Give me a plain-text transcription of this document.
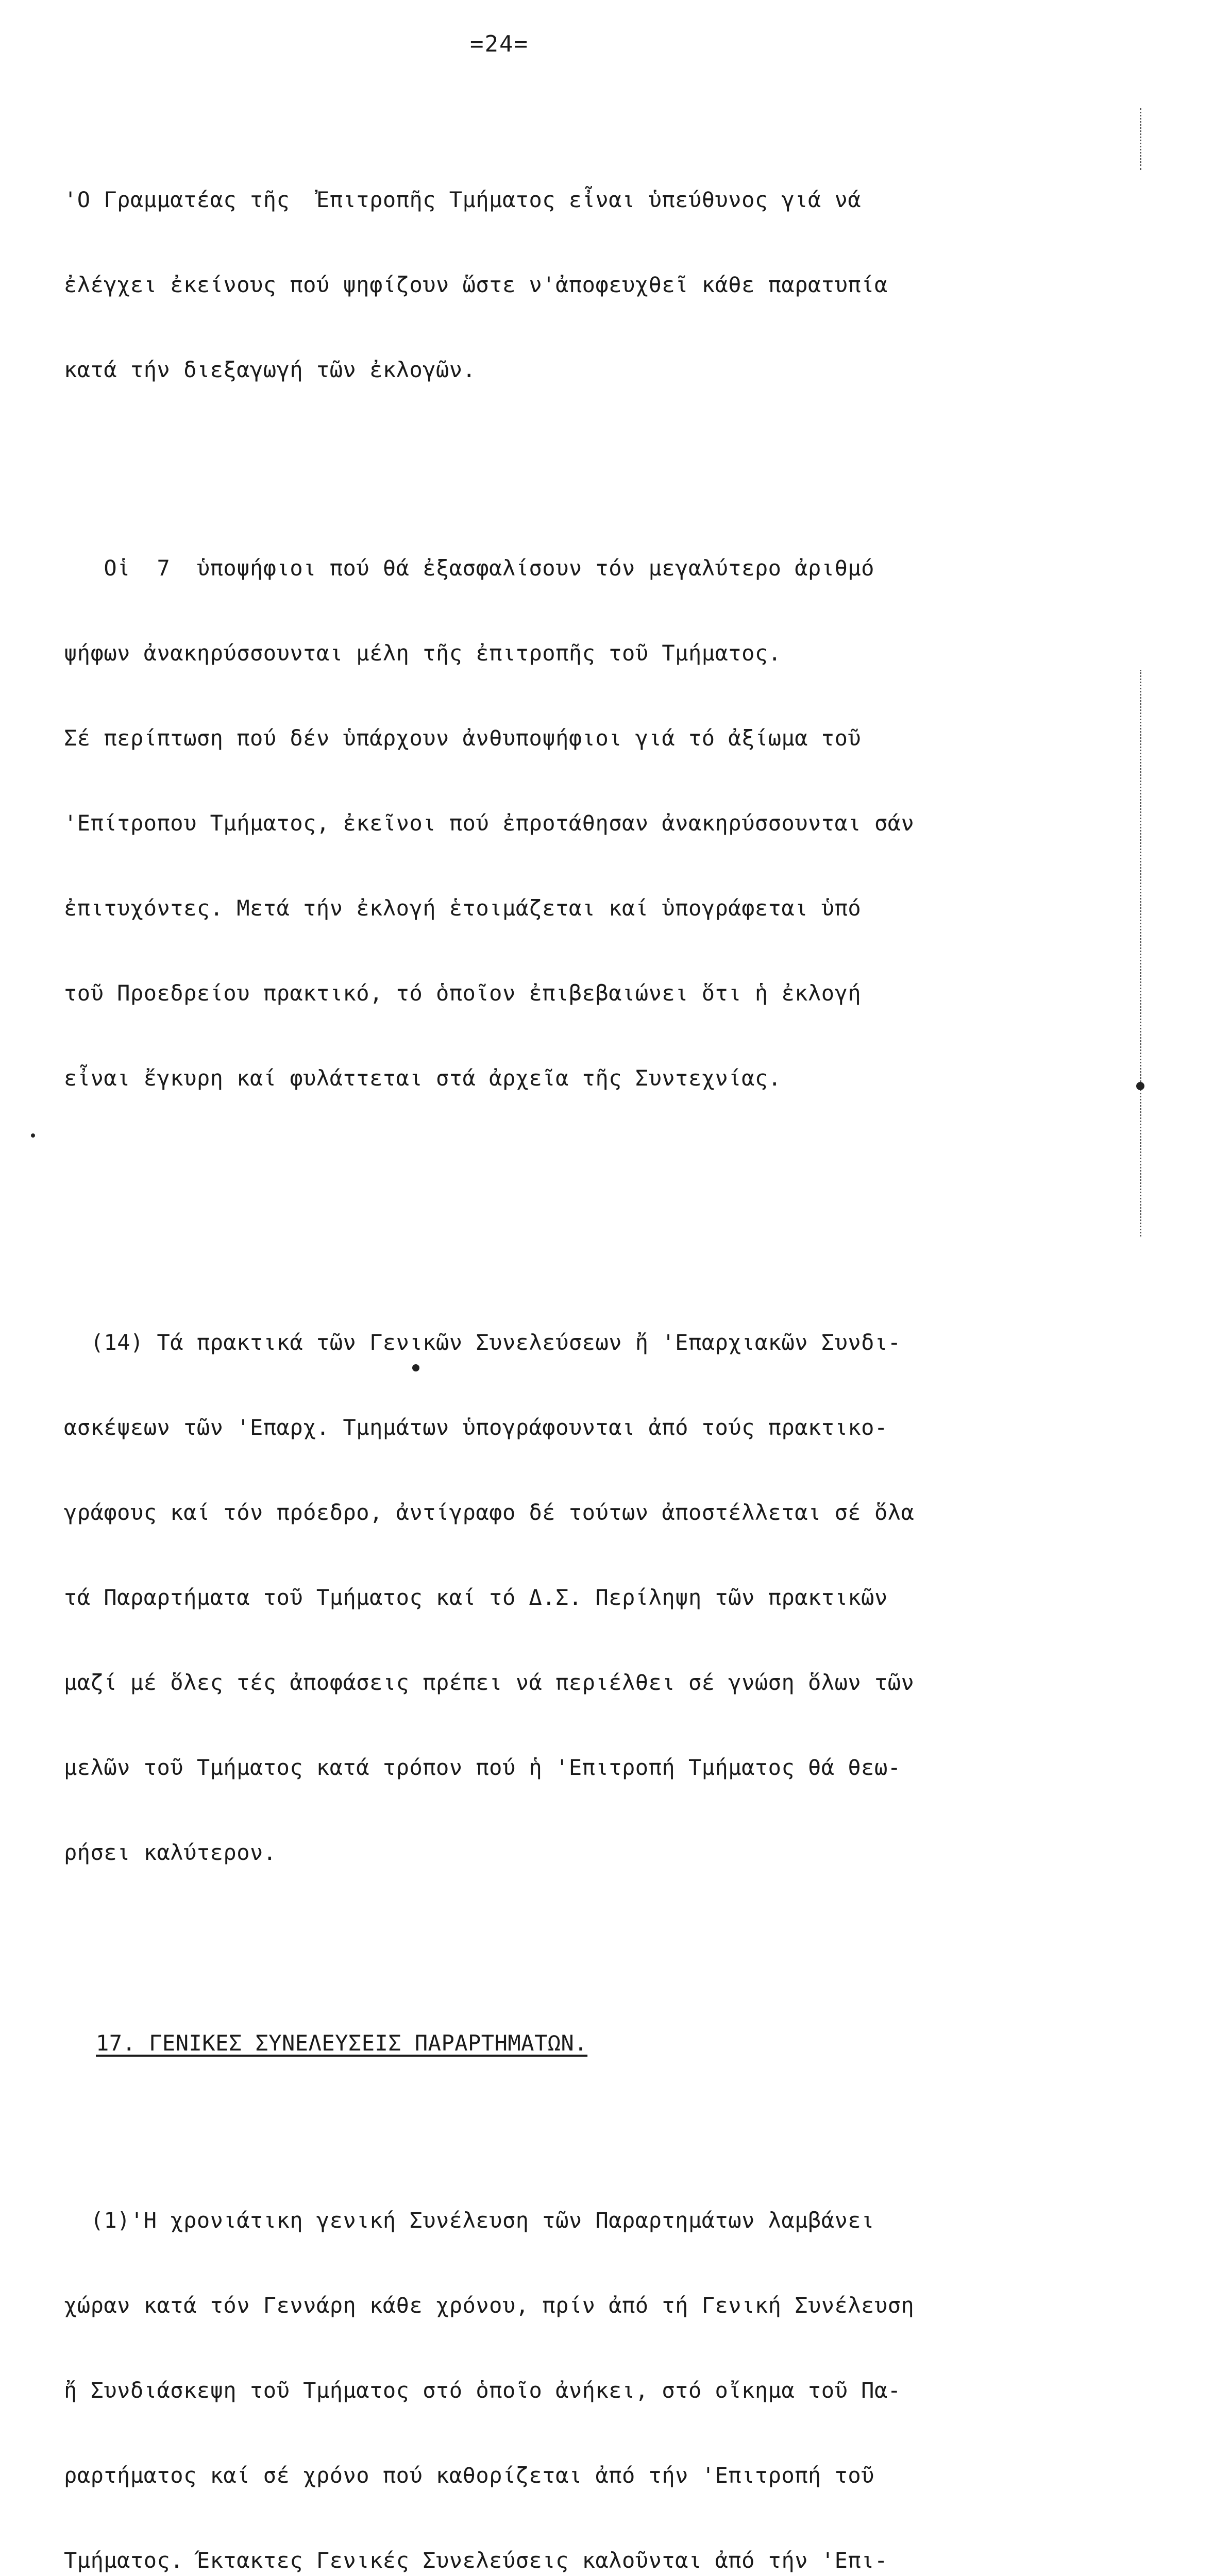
=24=

'Ο Γραμματέας τῆς  Ἐπιτροπῆς Τμήματος εἶναι ὑπεύθυνος γιά νά

ἐλέγχει ἐκείνους πού ψηφίζουν ὥστε ν'ἀποφευχθεῖ κάθε παρατυπία

κατά τήν διεξαγωγή τῶν ἐκλογῶν.

Οἱ  7  ὑποψήφιοι πού θά ἐξασφαλίσουν τόν μεγαλύτερο ἀριθμό

ψήφων ἀνακηρύσσουνται μέλη τῆς ἐπιτροπῆς τοῦ Τμήματος.

Σέ περίπτωση πού δέν ὑπάρχουν ἀνθυποψήφιοι γιά τό ἀξίωμα τοῦ

'Επίτροπου Τμήματος, ἐκεῖνοι πού ἐπροτάθησαν ἀνακηρύσσουνται σάν

ἐπιτυχόντες. Μετά τήν ἐκλογή ἑτοιμάζεται καί ὑπογράφεται ὑπό

τοῦ Προεδρείου πρακτικό, τό ὁποῖον ἐπιβεβαιώνει ὅτι ἡ ἐκλογή

εἶναι ἔγκυρη καί φυλάττεται στά ἀρχεῖα τῆς Συντεχνίας.

(14) Τά πρακτικά τῶν Γενικῶν Συνελεύσεων ἤ 'Επαρχιακῶν Συνδι-

ασκέψεων τῶν 'Επαρχ. Τμημάτων ὑπογράφουνται ἀπό τούς πρακτικο-

γράφους καί τόν πρόεδρο, ἀντίγραφο δέ τούτων ἀποστέλλεται σέ ὅλα

τά Παραρτήματα τοῦ Τμήματος καί τό Δ.Σ. Περίληψη τῶν πρακτικῶν

μαζί μέ ὅλες τές ἀποφάσεις πρέπει νά περιέλθει σέ γνώση ὅλων τῶν

μελῶν τοῦ Τμήματος κατά τρόπον πού ἡ 'Επιτροπή Τμήματος θά θεω-

ρήσει καλύτερον.

17. ΓΕΝΙΚΕΣ ΣΥΝΕΛΕΥΣΕΙΣ ΠΑΡΑΡΤΗΜΑΤΩΝ.

(1)'Η χρονιάτικη γενική Συνέλευση τῶν Παραρτημάτων λαμβάνει

χώραν κατά τόν Γεννάρη κάθε χρόνου, πρίν ἀπό τή Γενική Συνέλευση

ἤ Συνδιάσκεψη τοῦ Τμήματος στό ὁποῖο ἀνήκει, στό οἴκημα τοῦ Πα-

ραρτήματος καί σέ χρόνο πού καθορίζεται ἀπό τήν 'Επιτροπή τοῦ

Τμήματος. Έκτακτες Γενικές Συνελεύσεις καλοῦνται ἀπό τήν 'Επι-
